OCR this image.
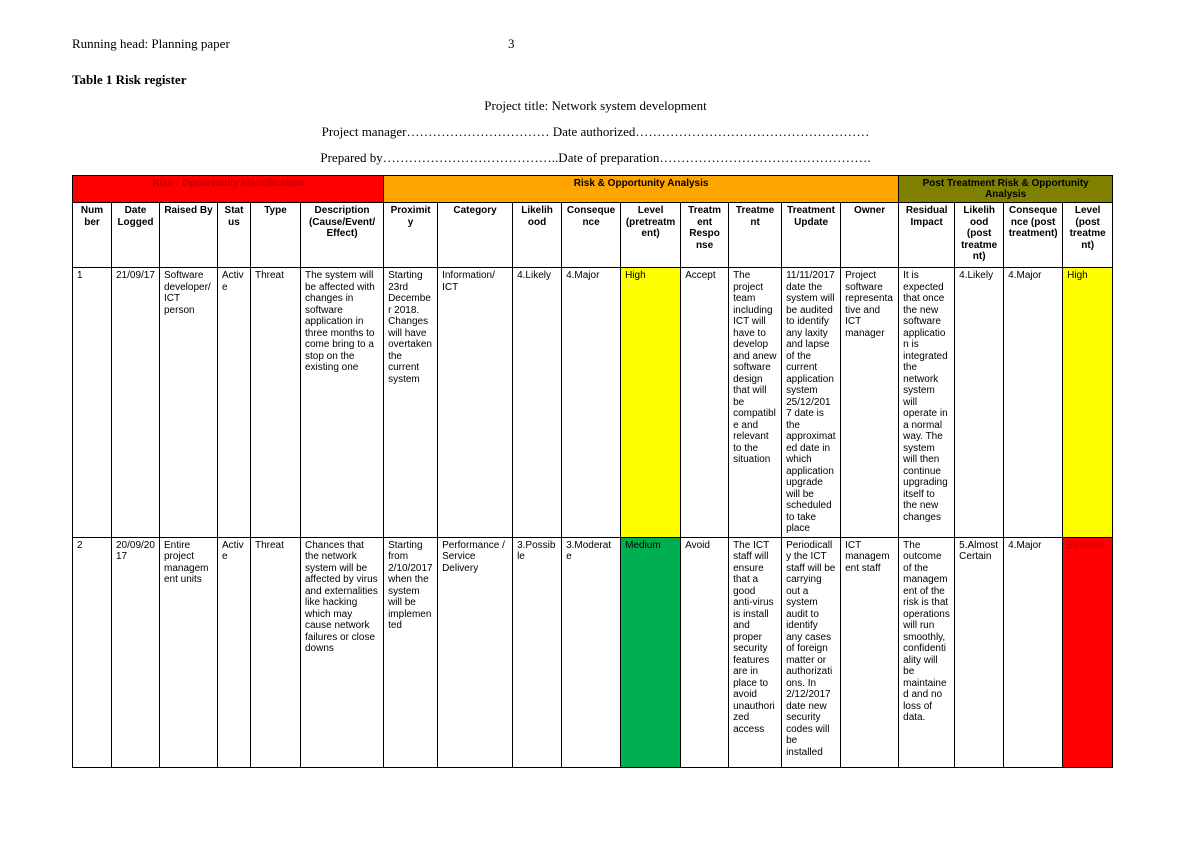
Running head: Planning paper	3
Table 1 Risk register
Project title: Network system development
Project manager…………………………… Date authorized………………………………………………
Prepared by…………………………………..Date of preparation………………………………………….
Risk / Opportunity Identification						Risk & Opportunity Analysis									Post Treatment Risk & Opportunity Analysis			
Num ber	Date Logged	Raised By	Stat us	Type	Description (Cause/Event/ Effect)	Proximit y	Category	Likelih ood	Conseque nce	Level (pretreatm ent)	Treatm ent Respo nse	Treatme nt	Treatment Update	Owner	Residual Impact	Likelih ood (post treatme nt)	Conseque nce (post treatment)	Level (post treatme nt)
1	21/09/17	Software developer/ ICT person	Active	Threat	The system will be affected with changes in software application in three months to come bring to a stop on the existing one	Starting 23rd December 2018. Changes will have overtaken the current system	Information/ ICT	4.Likely	4.Major	High	Accept	The project team including ICT will have to develop and anew software design that will be compatible and relevant to the situation	11/11/2017 date the system will be audited to identify any laxity and lapse of the current application system 25/12/2017 date is the approximated date in which application upgrade will be scheduled to take place	Project software representative and ICT manager	It is expected that once the new software application is integrated the network system will operate in a normal way. The system will then continue upgrading itself to the new changes	4.Likely	4.Major	High
2	20/09/2017	Entire project management units	Active	Threat	Chances that the network system will be affected by virus and externalities like hacking which may cause network failures or close downs	Starting from 2/10/2017 when the system will be implemented	Performance / Service Delivery	3.Possible	3.Moderate	Medium	Avoid	The ICT staff will ensure that a good anti-virus is install and proper security features are in place to avoid unauthorized access	Periodically the ICT staff will be carrying out a system audit to identify any cases of foreign matter or authorizations. In 2/12/2017 date new security codes will be installed	ICT management staff	The outcome of the management of the risk is that operations will run smoothly, confidentiality will be maintained and no loss of data.	5.Almost Certain	4.Major	Extreme
